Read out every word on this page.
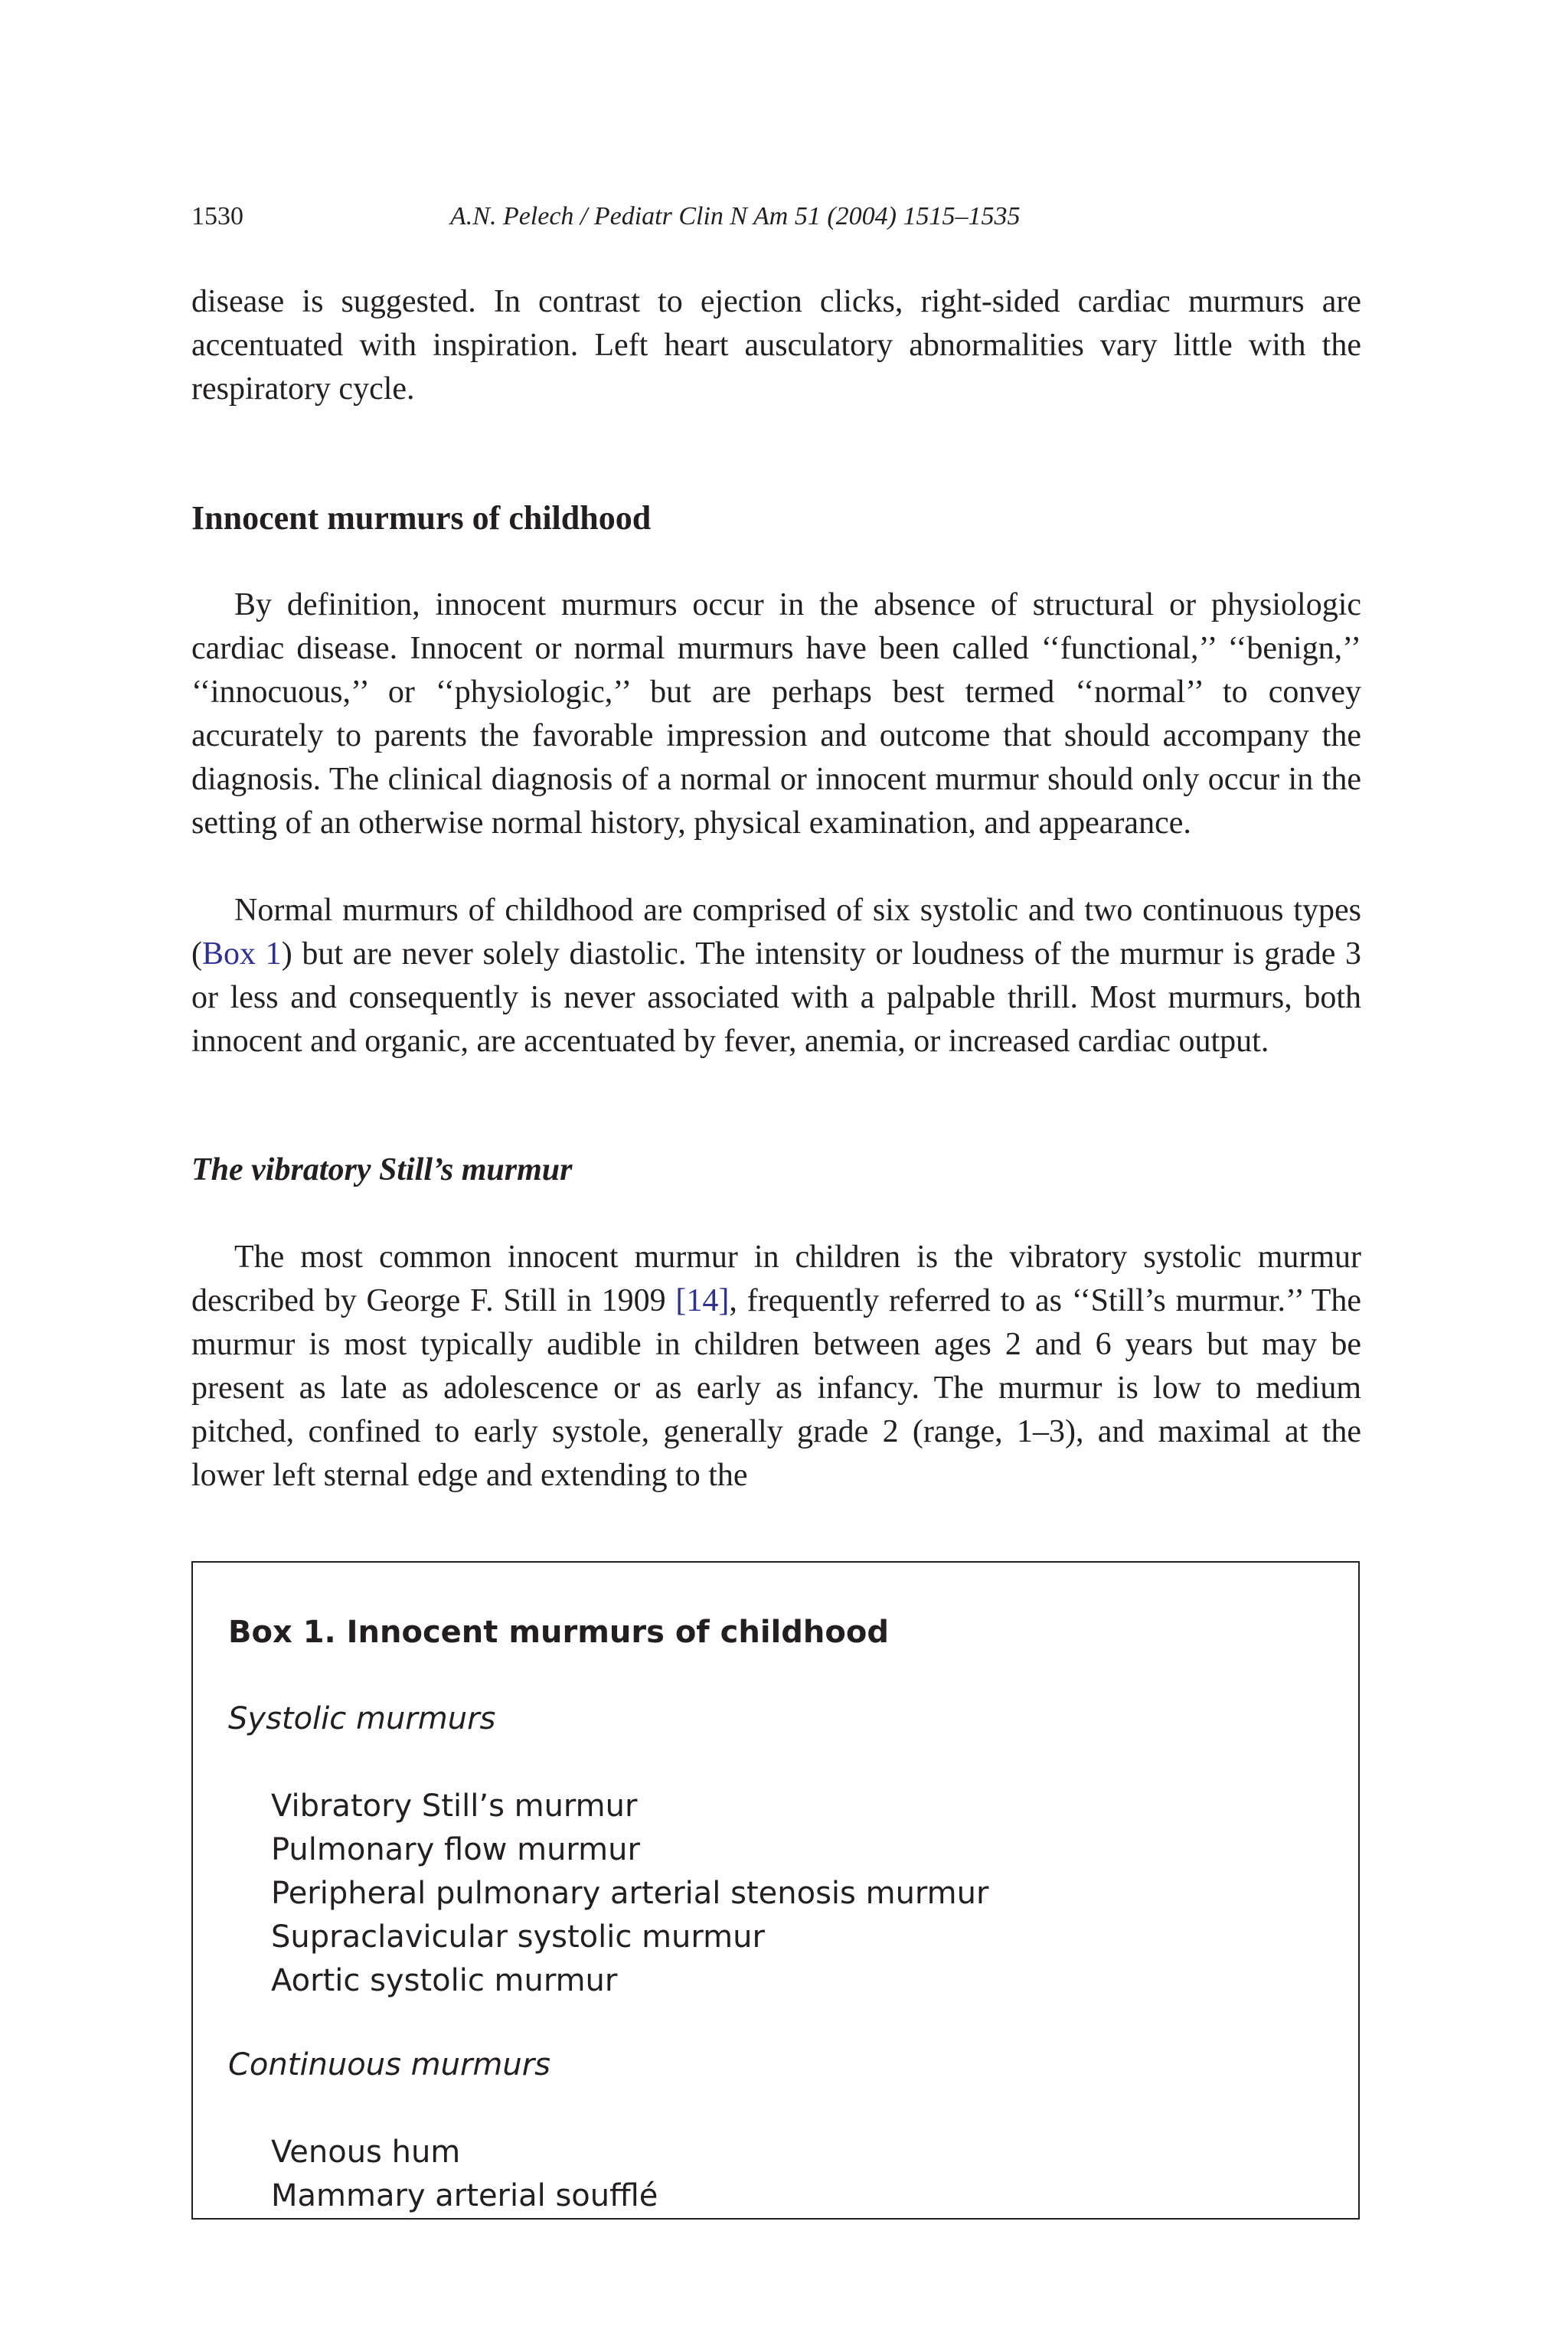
1530	A.N. Pelech / Pediatr Clin N Am 51 (2004) 1515–1535

disease is suggested. In contrast to ejection clicks, right-sided cardiac murmurs are accentuated with inspiration. Left heart ausculatory abnormalities vary little with the respiratory cycle.

Innocent murmurs of childhood

By definition, innocent murmurs occur in the absence of structural or physiologic cardiac disease. Innocent or normal murmurs have been called ‘‘functional,’’ ‘‘benign,’’ ‘‘innocuous,’’ or ‘‘physiologic,’’ but are perhaps best termed ‘‘normal’’ to convey accurately to parents the favorable impression and outcome that should accompany the diagnosis. The clinical diagnosis of a normal or innocent murmur should only occur in the setting of an otherwise normal history, physical examination, and appearance.

Normal murmurs of childhood are comprised of six systolic and two continuous types (Box 1) but are never solely diastolic. The intensity or loudness of the murmur is grade 3 or less and consequently is never associated with a palpable thrill. Most murmurs, both innocent and organic, are accentuated by fever, anemia, or increased cardiac output.

The vibratory Still’s murmur

The most common innocent murmur in children is the vibratory systolic murmur described by George F. Still in 1909 [14], frequently referred to as ‘‘Still’s murmur.’’ The murmur is most typically audible in children between ages 2 and 6 years but may be present as late as adolescence or as early as infancy. The murmur is low to medium pitched, confined to early systole, generally grade 2 (range, 1–3), and maximal at the lower left sternal edge and extending to the

Box 1. Innocent murmurs of childhood
Systolic murmurs
Vibratory Still’s murmur
Pulmonary flow murmur
Peripheral pulmonary arterial stenosis murmur
Supraclavicular systolic murmur
Aortic systolic murmur
Continuous murmurs
Venous hum
Mammary arterial soufflé
